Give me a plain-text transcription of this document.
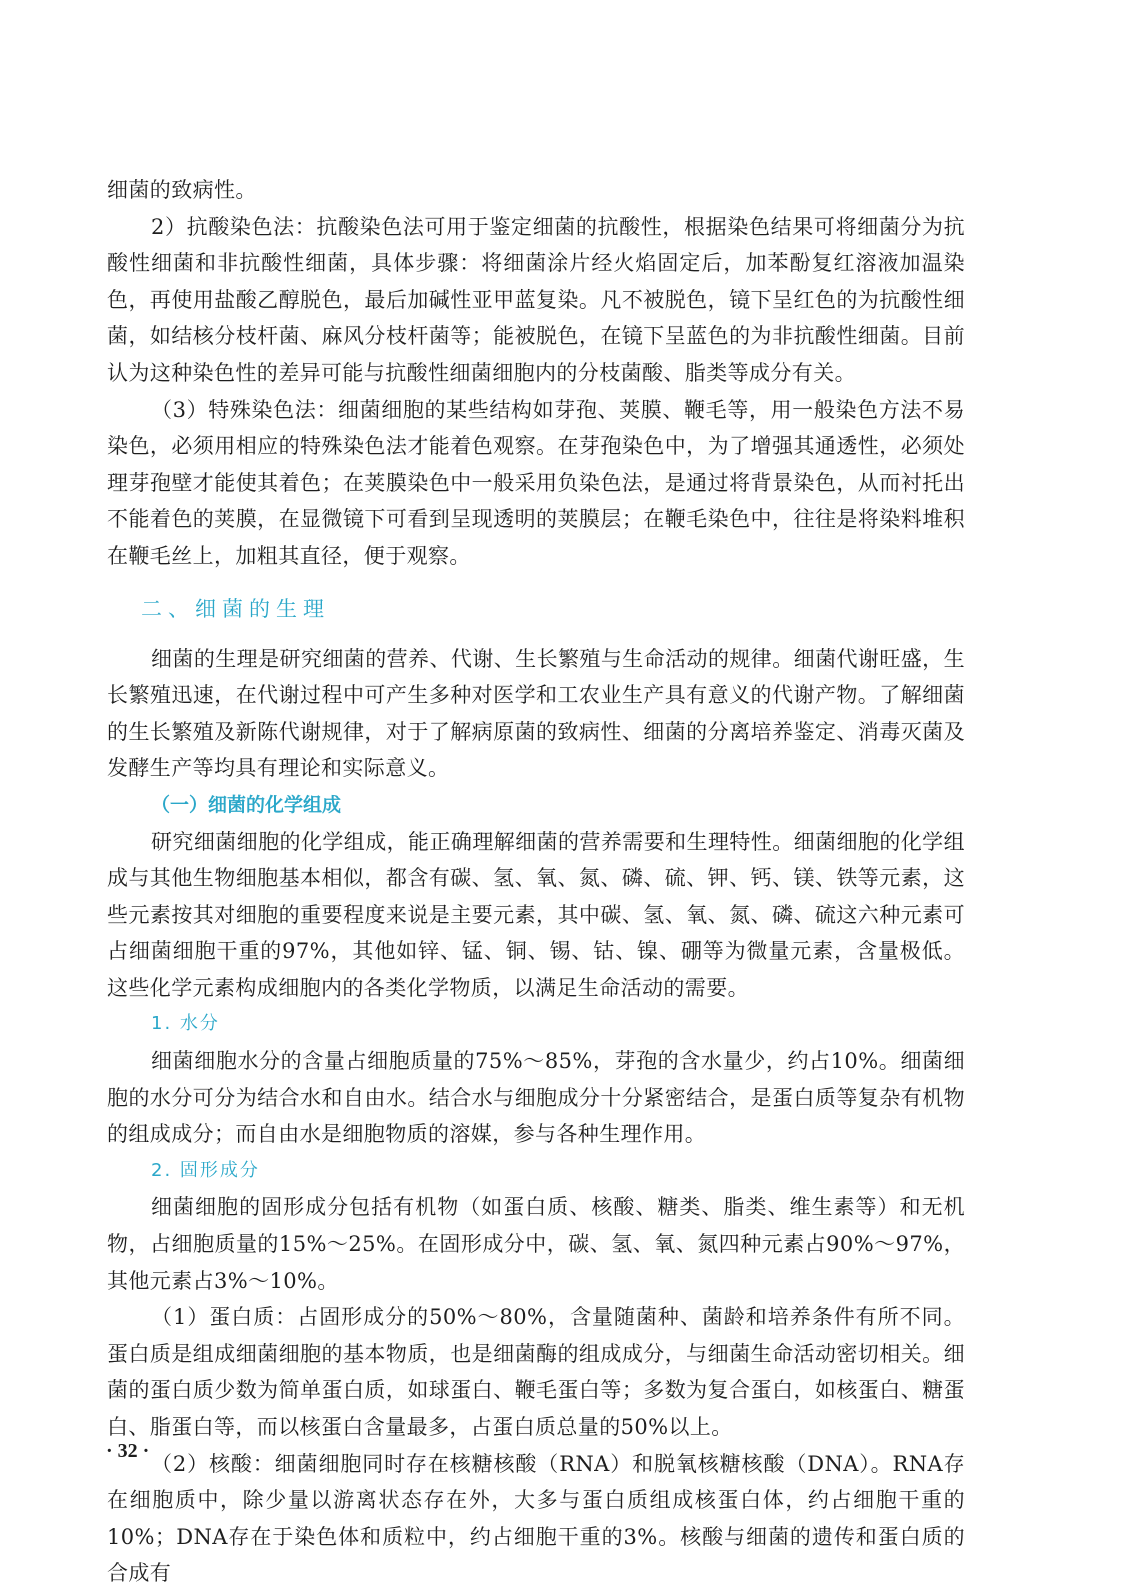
细菌的致病性。

2）抗酸染色法：抗酸染色法可用于鉴定细菌的抗酸性，根据染色结果可将细菌分为抗酸性细菌和非抗酸性细菌，具体步骤：将细菌涂片经火焰固定后，加苯酚复红溶液加温染色，再使用盐酸乙醇脱色，最后加碱性亚甲蓝复染。凡不被脱色，镜下呈红色的为抗酸性细菌，如结核分枝杆菌、麻风分枝杆菌等；能被脱色，在镜下呈蓝色的为非抗酸性细菌。目前认为这种染色性的差异可能与抗酸性细菌细胞内的分枝菌酸、脂类等成分有关。

（3）特殊染色法：细菌细胞的某些结构如芽孢、荚膜、鞭毛等，用一般染色方法不易染色，必须用相应的特殊染色法才能着色观察。在芽孢染色中，为了增强其通透性，必须处理芽孢壁才能使其着色；在荚膜染色中一般采用负染色法，是通过将背景染色，从而衬托出不能着色的荚膜，在显微镜下可看到呈现透明的荚膜层；在鞭毛染色中，往往是将染料堆积在鞭毛丝上，加粗其直径，便于观察。

二、细菌的生理

细菌的生理是研究细菌的营养、代谢、生长繁殖与生命活动的规律。细菌代谢旺盛，生长繁殖迅速，在代谢过程中可产生多种对医学和工农业生产具有意义的代谢产物。了解细菌的生长繁殖及新陈代谢规律，对于了解病原菌的致病性、细菌的分离培养鉴定、消毒灭菌及发酵生产等均具有理论和实际意义。

（一）细菌的化学组成

研究细菌细胞的化学组成，能正确理解细菌的营养需要和生理特性。细菌细胞的化学组成与其他生物细胞基本相似，都含有碳、氢、氧、氮、磷、硫、钾、钙、镁、铁等元素，这些元素按其对细胞的重要程度来说是主要元素，其中碳、氢、氧、氮、磷、硫这六种元素可占细菌细胞干重的97%，其他如锌、锰、铜、锡、钴、镍、硼等为微量元素，含量极低。这些化学元素构成细胞内的各类化学物质，以满足生命活动的需要。

1. 水分

细菌细胞水分的含量占细胞质量的75%～85%，芽孢的含水量少，约占10%。细菌细胞的水分可分为结合水和自由水。结合水与细胞成分十分紧密结合，是蛋白质等复杂有机物的组成成分；而自由水是细胞物质的溶媒，参与各种生理作用。

2. 固形成分

细菌细胞的固形成分包括有机物（如蛋白质、核酸、糖类、脂类、维生素等）和无机物，占细胞质量的15%～25%。在固形成分中，碳、氢、氧、氮四种元素占90%～97%，其他元素占3%～10%。

（1）蛋白质：占固形成分的50%～80%，含量随菌种、菌龄和培养条件有所不同。蛋白质是组成细菌细胞的基本物质，也是细菌酶的组成成分，与细菌生命活动密切相关。细菌的蛋白质少数为简单蛋白质，如球蛋白、鞭毛蛋白等；多数为复合蛋白，如核蛋白、糖蛋白、脂蛋白等，而以核蛋白含量最多，占蛋白质总量的50%以上。

（2）核酸：细菌细胞同时存在核糖核酸（RNA）和脱氧核糖核酸（DNA）。RNA存在细胞质中，除少量以游离状态存在外，大多与蛋白质组成核蛋白体，约占细胞干重的10%；DNA存在于染色体和质粒中，约占细胞干重的3%。核酸与细菌的遗传和蛋白质的合成有

· 32 ·
